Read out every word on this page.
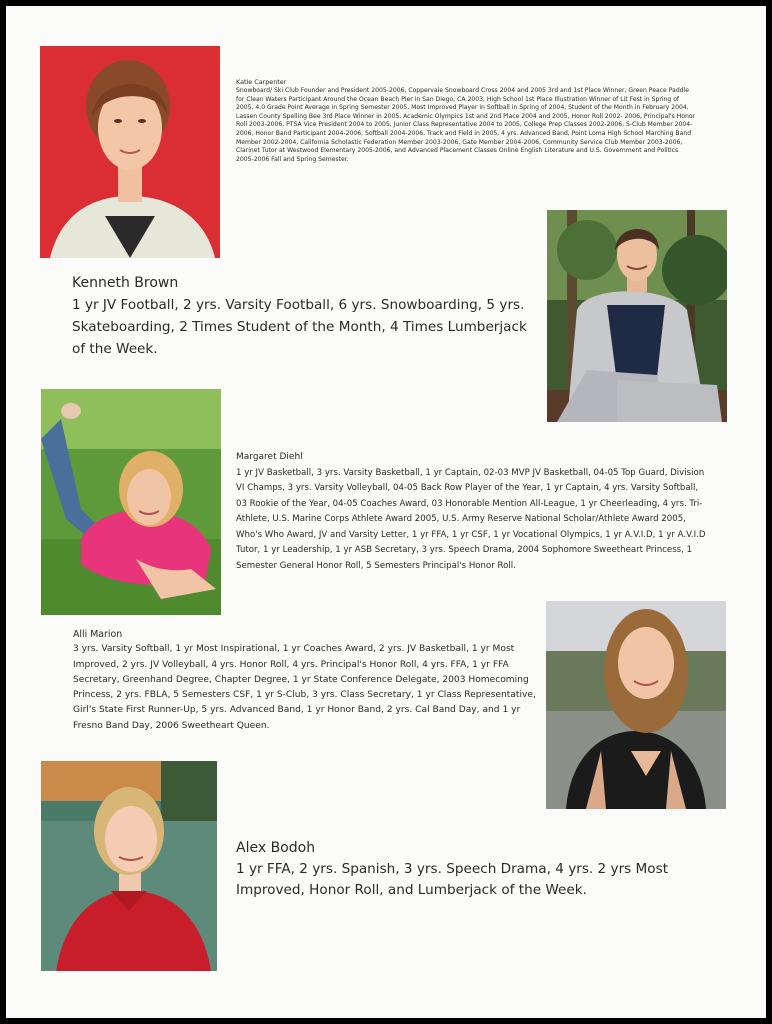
Katie Carpenter
Snowboard/ Ski Club Founder and President 2005-2006, Coppervale Snowboard Cross 2004 and 2005 3rd and 1st Place Winner, Green Peace Paddle for Clean Waters Participant Around the Ocean Beach Pier in San Diego, CA 2003, High School 1st Place Illustration Winner of Lit Fest in Spring of 2005, 4.0 Grade Point Average in Spring Semester 2005, Most Improved Player in Softball in Spring of 2004, Student of the Month in February 2004, Lassen County Spelling Bee 3rd Place Winner in 2005, Academic Olympics 1st and 2nd Place 2004 and 2005, Honor Roll 2002- 2006, Principal's Honor Roll 2003-2006, PTSA Vice President 2004 to 2005, Junior Class Representative 2004 to 2005, College Prep Classes 2002-2006, S-Club Member 2004-2006, Honor Band Participant 2004-2006, Softball 2004-2006, Track and Field in 2005, 4 yrs. Advanced Band, Point Loma High School Marching Band Member 2002-2004, California Scholastic Federation Member 2003-2006, Gate Member 2004-2006, Community Service Club Member 2003-2006, Clarinet Tutor at Westwood Elementary 2005-2006, and Advanced Placement Classes Online English Literature and U.S. Government and Politics 2005-2006 Fall and Spring Semester.
Kenneth Brown
1 yr JV Football, 2 yrs. Varsity Football, 6 yrs. Snowboarding, 5 yrs. Skateboarding, 2 Times Student of the Month, 4 Times Lumberjack of the Week.
Margaret Diehl
1 yr JV Basketball, 3 yrs. Varsity Basketball, 1 yr Captain, 02-03 MVP JV Basketball, 04-05 Top Guard, Division VI Champs, 3 yrs. Varsity Volleyball, 04-05 Back Row Player of the Year, 1 yr Captain, 4 yrs. Varsity Softball, 03 Rookie of the Year, 04-05 Coaches Award, 03 Honorable Mention All-League, 1 yr Cheerleading, 4 yrs. Tri-Athlete, U.S. Marine Corps Athlete Award 2005, U.S. Army Reserve National Scholar/Athlete Award 2005, Who's Who Award, JV and Varsity Letter, 1 yr FFA, 1 yr CSF, 1 yr Vocational Olympics, 1 yr A.V.I.D, 1 yr A.V.I.D Tutor, 1 yr Leadership, 1 yr ASB Secretary, 3 yrs. Speech Drama, 2004 Sophomore Sweetheart Princess, 1 Semester General Honor Roll, 5 Semesters Principal's Honor Roll.
Alli Marion
3 yrs. Varsity Softball, 1 yr Most Inspirational, 1 yr Coaches Award, 2 yrs. JV Basketball, 1 yr Most Improved, 2 yrs. JV Volleyball, 4 yrs. Honor Roll, 4 yrs. Principal's Honor Roll, 4 yrs. FFA, 1 yr FFA Secretary, Greenhand Degree, Chapter Degree, 1 yr State Conference Delegate, 2003 Homecoming Princess, 2 yrs. FBLA, 5 Semesters CSF, 1 yr S-Club, 3 yrs. Class Secretary, 1 yr Class Representative, Girl's State First Runner-Up, 5 yrs. Advanced Band, 1 yr Honor Band, 2 yrs. Cal Band Day, and 1 yr Fresno Band Day, 2006 Sweetheart Queen.
Alex Bodoh
1 yr FFA, 2 yrs. Spanish, 3 yrs. Speech Drama, 4 yrs. 2 yrs Most Improved, Honor Roll, and Lumberjack of the Week.
